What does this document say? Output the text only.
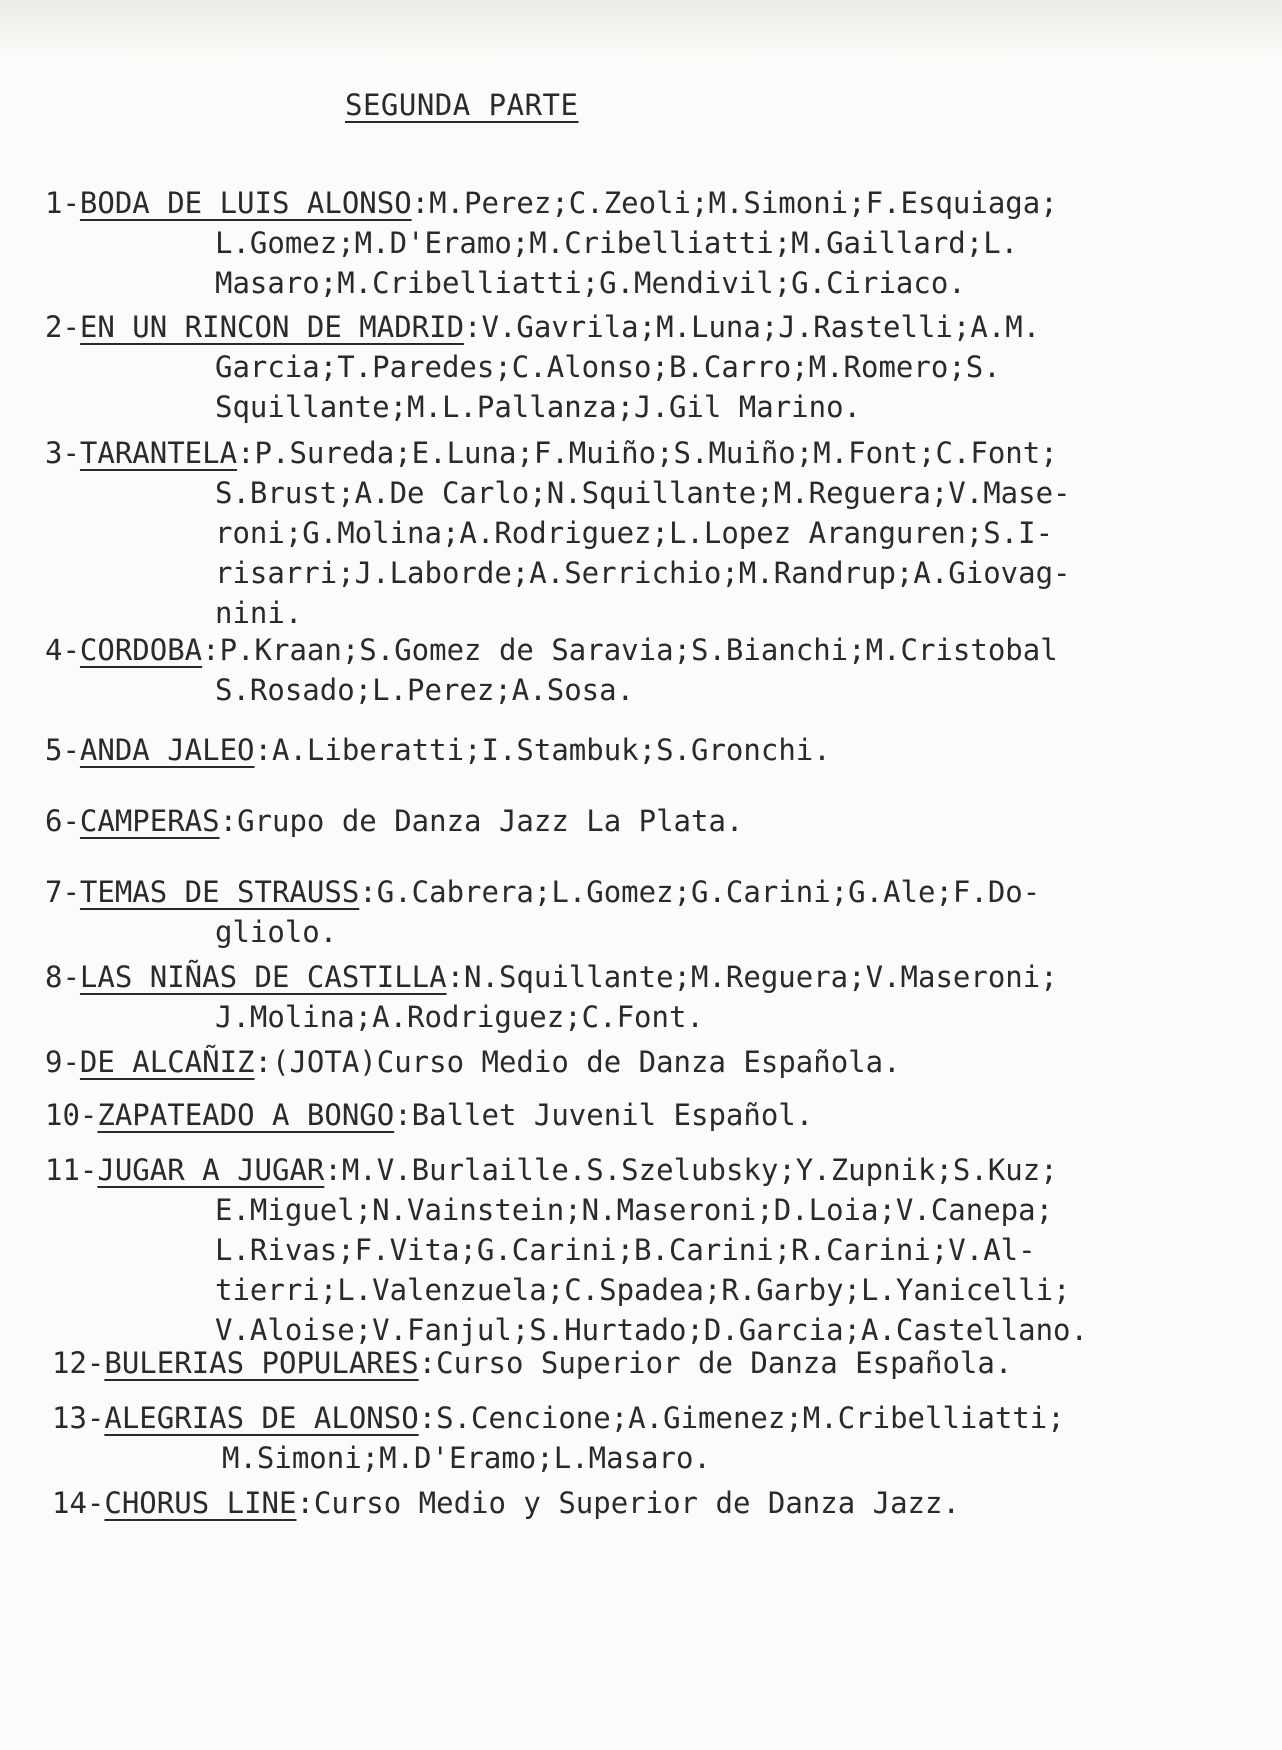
SEGUNDA PARTE
1-BODA DE LUIS ALONSO:M.Perez;C.Zeoli;M.Simoni;F.Esquiaga;
L.Gomez;M.D'Eramo;M.Cribelliatti;M.Gaillard;L.
Masaro;M.Cribelliatti;G.Mendivil;G.Ciriaco.
2-EN UN RINCON DE MADRID:V.Gavrila;M.Luna;J.Rastelli;A.M.
Garcia;T.Paredes;C.Alonso;B.Carro;M.Romero;S.
Squillante;M.L.Pallanza;J.Gil Marino.
3-TARANTELA:P.Sureda;E.Luna;F.Muiño;S.Muiño;M.Font;C.Font;
S.Brust;A.De Carlo;N.Squillante;M.Reguera;V.Mase-
roni;G.Molina;A.Rodriguez;L.Lopez Aranguren;S.I-
risarri;J.Laborde;A.Serrichio;M.Randrup;A.Giovag-
nini.
4-CORDOBA:P.Kraan;S.Gomez de Saravia;S.Bianchi;M.Cristobal
S.Rosado;L.Perez;A.Sosa.
5-ANDA JALEO:A.Liberatti;I.Stambuk;S.Gronchi.
6-CAMPERAS:Grupo de Danza Jazz La Plata.
7-TEMAS DE STRAUSS:G.Cabrera;L.Gomez;G.Carini;G.Ale;F.Do-
gliolo.
8-LAS NIÑAS DE CASTILLA:N.Squillante;M.Reguera;V.Maseroni;
J.Molina;A.Rodriguez;C.Font.
9-DE ALCAÑIZ:(JOTA)Curso Medio de Danza Española.
10-ZAPATEADO A BONGO:Ballet Juvenil Español.
11-JUGAR A JUGAR:M.V.Burlaille.S.Szelubsky;Y.Zupnik;S.Kuz;
E.Miguel;N.Vainstein;N.Maseroni;D.Loia;V.Canepa;
L.Rivas;F.Vita;G.Carini;B.Carini;R.Carini;V.Al-
tierri;L.Valenzuela;C.Spadea;R.Garby;L.Yanicelli;
V.Aloise;V.Fanjul;S.Hurtado;D.Garcia;A.Castellano.
12-BULERIAS POPULARES:Curso Superior de Danza Española.
13-ALEGRIAS DE ALONSO:S.Cencione;A.Gimenez;M.Cribelliatti;
M.Simoni;M.D'Eramo;L.Masaro.
14-CHORUS LINE:Curso Medio y Superior de Danza Jazz.
